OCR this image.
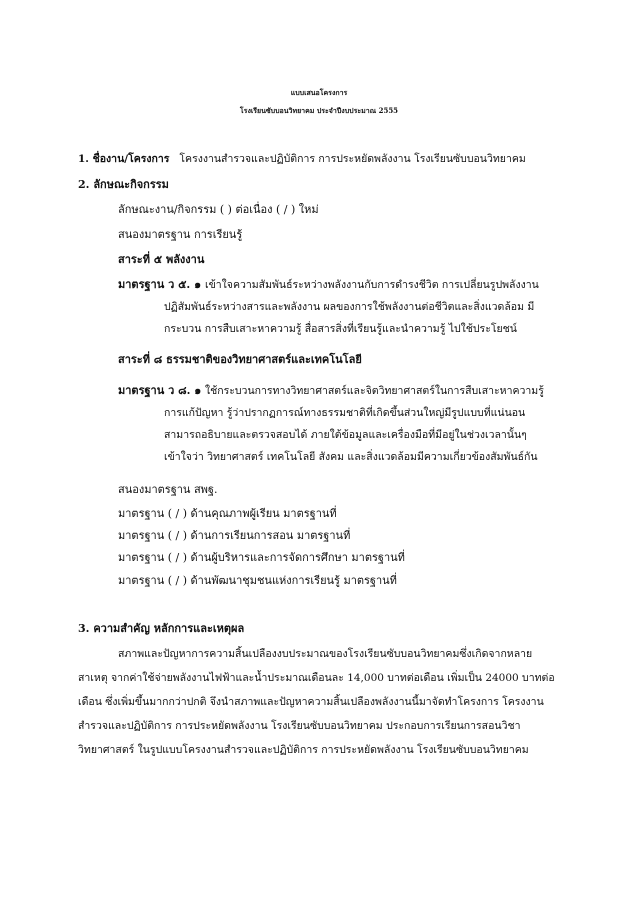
แบบเสนอโครงการ
โรงเรียนซับบอนวิทยาคม ประจำปีงบประมาณ 2555
1. ชื่องาน/โครงการ โครงงานสำรวจและปฏิบัติการ การประหยัดพลังงาน โรงเรียนซับบอนวิทยาคม
2. ลักษณะกิจกรรม
ลักษณะงาน/กิจกรรม ( ) ต่อเนื่อง ( / ) ใหม่
สนองมาตรฐาน การเรียนรู้
สาระที่ ๕ พลังงาน
มาตรฐาน ว ๕. ๑ เข้าใจความสัมพันธ์ระหว่างพลังงานกับการดำรงชีวิต การเปลี่ยนรูปพลังงาน
ปฏิสัมพันธ์ระหว่างสารและพลังงาน ผลของการใช้พลังงานต่อชีวิตและสิ่งแวดล้อม มี
กระบวน การสืบเสาะหาความรู้ สื่อสารสิ่งที่เรียนรู้และนำความรู้ ไปใช้ประโยชน์
สาระที่ ๘ ธรรมชาติของวิทยาศาสตร์และเทคโนโลยี
มาตรฐาน ว ๘. ๑ ใช้กระบวนการทางวิทยาศาสตร์และจิตวิทยาศาสตร์ในการสืบเสาะหาความรู้
การแก้ปัญหา รู้ว่าปรากฏการณ์ทางธรรมชาติที่เกิดขึ้นส่วนใหญ่มีรูปแบบที่แน่นอน
สามารถอธิบายและตรวจสอบได้ ภายใต้ข้อมูลและเครื่องมือที่มีอยู่ในช่วงเวลานั้นๆ
เข้าใจว่า วิทยาศาสตร์ เทคโนโลยี สังคม และสิ่งแวดล้อมมีความเกี่ยวข้องสัมพันธ์กัน
สนองมาตรฐาน สพฐ.
มาตรฐาน ( / ) ด้านคุณภาพผู้เรียน มาตรฐานที่
มาตรฐาน ( / ) ด้านการเรียนการสอน มาตรฐานที่
มาตรฐาน ( / ) ด้านผู้บริหารและการจัดการศึกษา มาตรฐานที่
มาตรฐาน ( / ) ด้านพัฒนาชุมชนแห่งการเรียนรู้ มาตรฐานที่
3. ความสำคัญ หลักการและเหตุผล
สภาพและปัญหาการความสิ้นเปลืองงบประมาณของโรงเรียนซับบอนวิทยาคมซึ่งเกิดจากหลาย
สาเหตุ จากค่าใช้จ่ายพลังงานไฟฟ้าและน้ำประมาณเดือนละ 14,000 บาทต่อเดือน เพิ่มเป็น 24000 บาทต่อ
เดือน ซึ่งเพิ่มขึ้นมากกว่าปกติ จึงนำสภาพและปัญหาความสิ้นเปลืองพลังงานนี้มาจัดทำโครงการ โครงงาน
สำรวจและปฏิบัติการ การประหยัดพลังงาน โรงเรียนซับบอนวิทยาคม ประกอบการเรียนการสอนวิชา
วิทยาศาสตร์ ในรูปแบบโครงงานสำรวจและปฏิบัติการ การประหยัดพลังงาน โรงเรียนซับบอนวิทยาคม
